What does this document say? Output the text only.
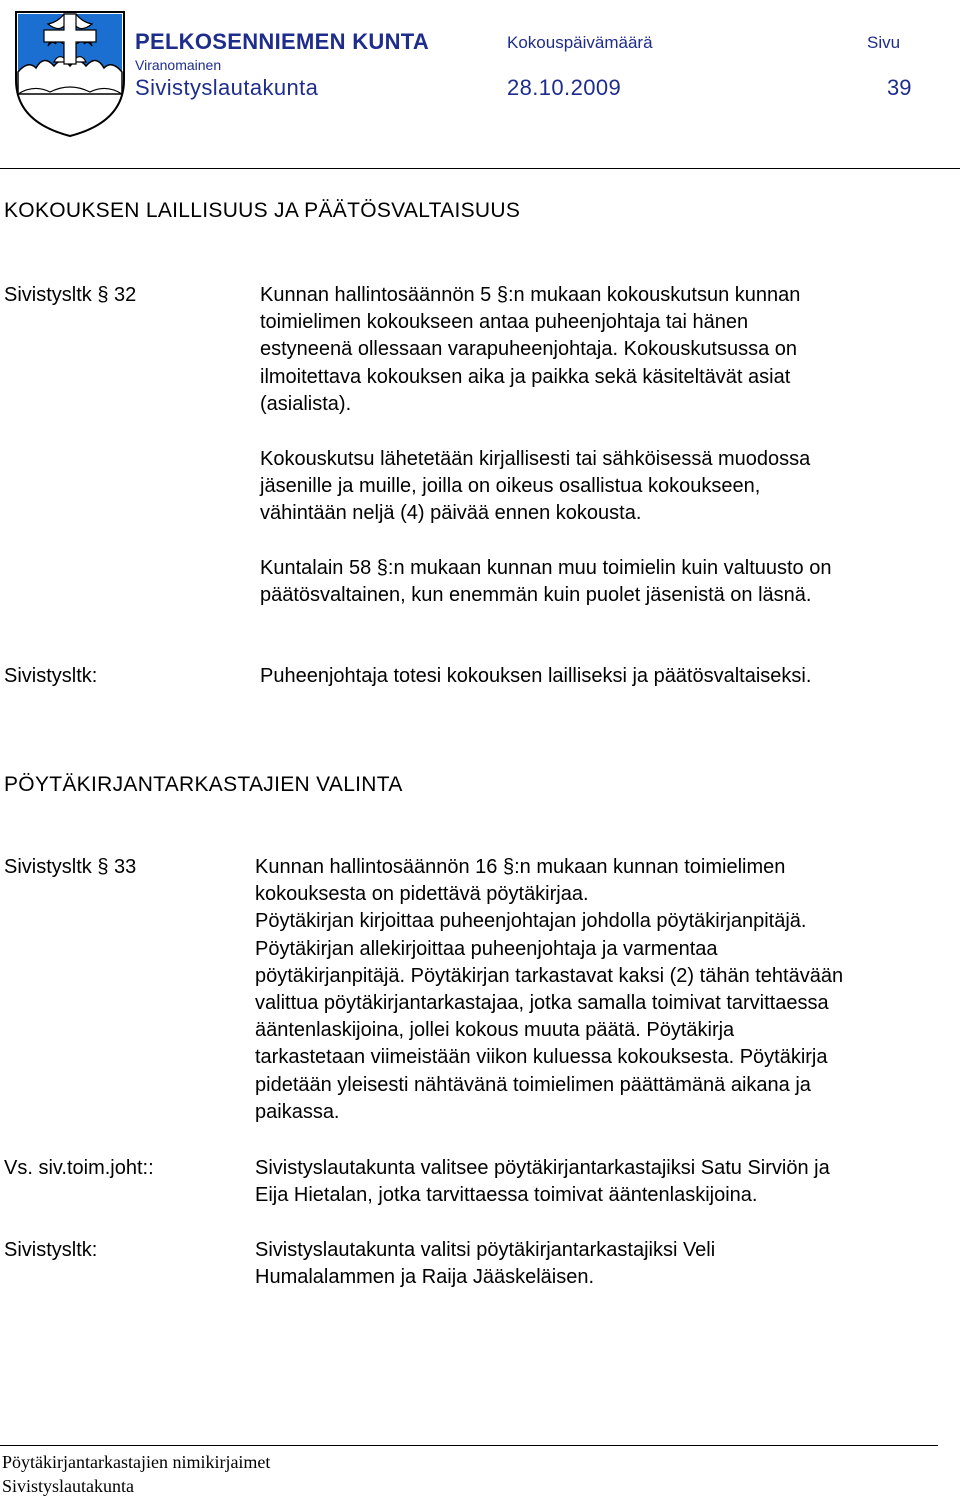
PELKOSENNIEMEN KUNTA
Viranomainen
Sivistyslautakunta
Kokouspäivämäärä
28.10.2009
Sivu
39
KOKOUKSEN LAILLISUUS JA PÄÄTÖSVALTAISUUS
Sivistysltk § 32	Kunnan hallintosäännön 5 §:n mukaan kokouskutsun kunnan

toimielimen kokoukseen antaa puheenjohtaja tai hänen

estyneenä ollessaan varapuheenjohtaja. Kokouskutsussa on

ilmoitettava kokouksen aika ja paikka sekä käsiteltävät asiat

(asialista).

Kokouskutsu lähetetään kirjallisesti tai sähköisessä muodossa

jäsenille ja muille, joilla on oikeus osallistua kokoukseen,

vähintään neljä (4) päivää ennen kokousta.

Kuntalain 58 §:n mukaan kunnan muu toimielin kuin valtuusto on

päätösvaltainen, kun enemmän kuin puolet jäsenistä on läsnä.

Sivistysltk:	Puheenjohtaja totesi kokouksen lailliseksi ja päätösvaltaiseksi.
PÖYTÄKIRJANTARKASTAJIEN VALINTA
Sivistysltk § 33	Kunnan hallintosäännön 16 §:n mukaan kunnan toimielimen

kokouksesta on pidettävä pöytäkirjaa.

Pöytäkirjan kirjoittaa puheenjohtajan johdolla pöytäkirjanpitäjä.

Pöytäkirjan allekirjoittaa puheenjohtaja ja varmentaa

pöytäkirjanpitäjä. Pöytäkirjan tarkastavat kaksi (2) tähän tehtävään

valittua pöytäkirjantarkastajaa, jotka samalla toimivat tarvittaessa

ääntenlaskijoina, jollei kokous muuta päätä. Pöytäkirja

tarkastetaan viimeistään viikon kuluessa kokouksesta. Pöytäkirja

pidetään yleisesti nähtävänä toimielimen päättämänä aikana ja

paikassa.

Vs. siv.toim.joht::	Sivistyslautakunta valitsee pöytäkirjantarkastajiksi Satu Sirviön ja

Eija Hietalan, jotka tarvittaessa toimivat ääntenlaskijoina.

Sivistysltk:	Sivistyslautakunta valitsi pöytäkirjantarkastajiksi Veli

Humalalammen ja Raija Jääskeläisen.

Pöytäkirjantarkastajien nimikirjaimet
Sivistyslautakunta
